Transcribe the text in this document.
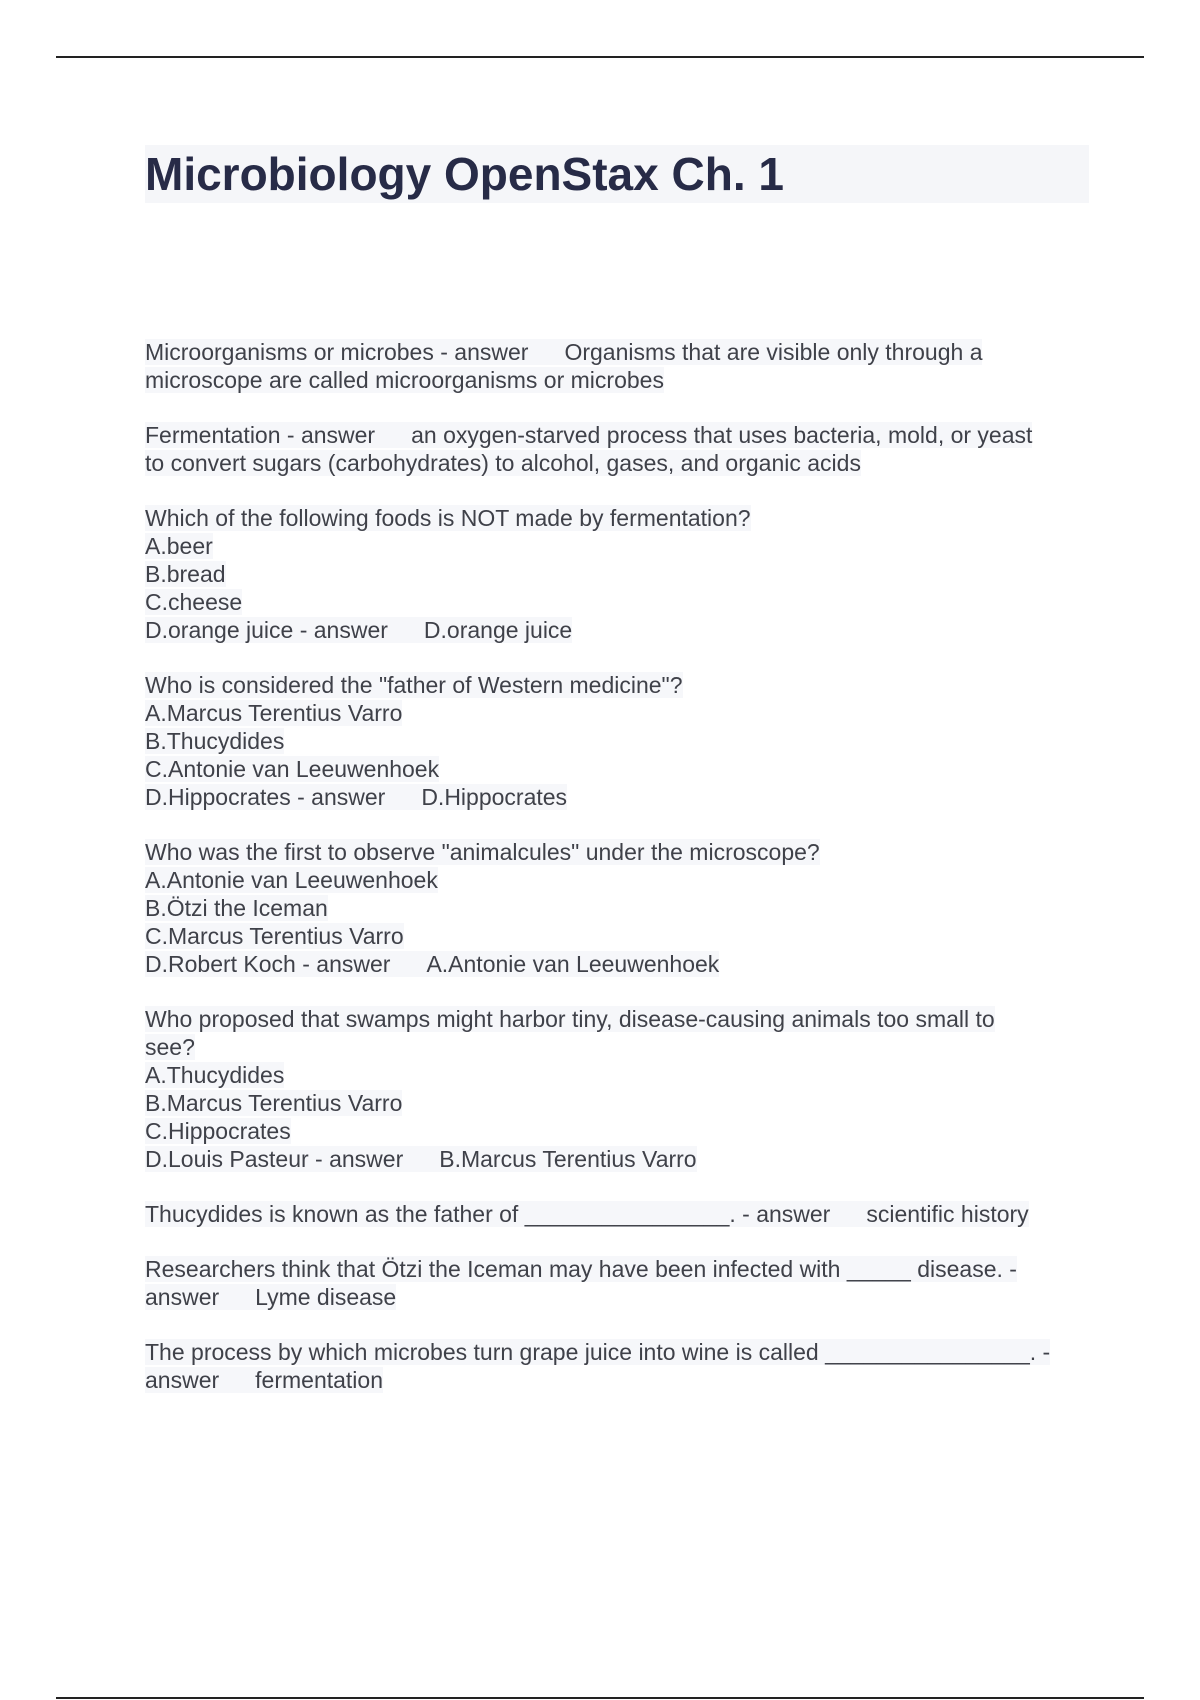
Microbiology OpenStax Ch. 1
Microorganisms or microbes - answer Organisms that are visible only through a
microscope are called microorganisms or microbes
Fermentation - answer an oxygen-starved process that uses bacteria, mold, or yeast
to convert sugars (carbohydrates) to alcohol, gases, and organic acids
Which of the following foods is NOT made by fermentation?
A.beer
B.bread
C.cheese
D.orange juice - answer D.orange juice
Who is considered the "father of Western medicine"?
A.Marcus Terentius Varro
B.Thucydides
C.Antonie van Leeuwenhoek
D.Hippocrates - answer D.Hippocrates
Who was the first to observe "animalcules" under the microscope?
A.Antonie van Leeuwenhoek
B.Ötzi the Iceman
C.Marcus Terentius Varro
D.Robert Koch - answer A.Antonie van Leeuwenhoek
Who proposed that swamps might harbor tiny, disease-causing animals too small to
see?
A.Thucydides
B.Marcus Terentius Varro
C.Hippocrates
D.Louis Pasteur - answer B.Marcus Terentius Varro
Thucydides is known as the father of ________________. - answer scientific history
Researchers think that Ötzi the Iceman may have been infected with _____ disease. -
answer Lyme disease
The process by which microbes turn grape juice into wine is called ________________. -
answer fermentation
